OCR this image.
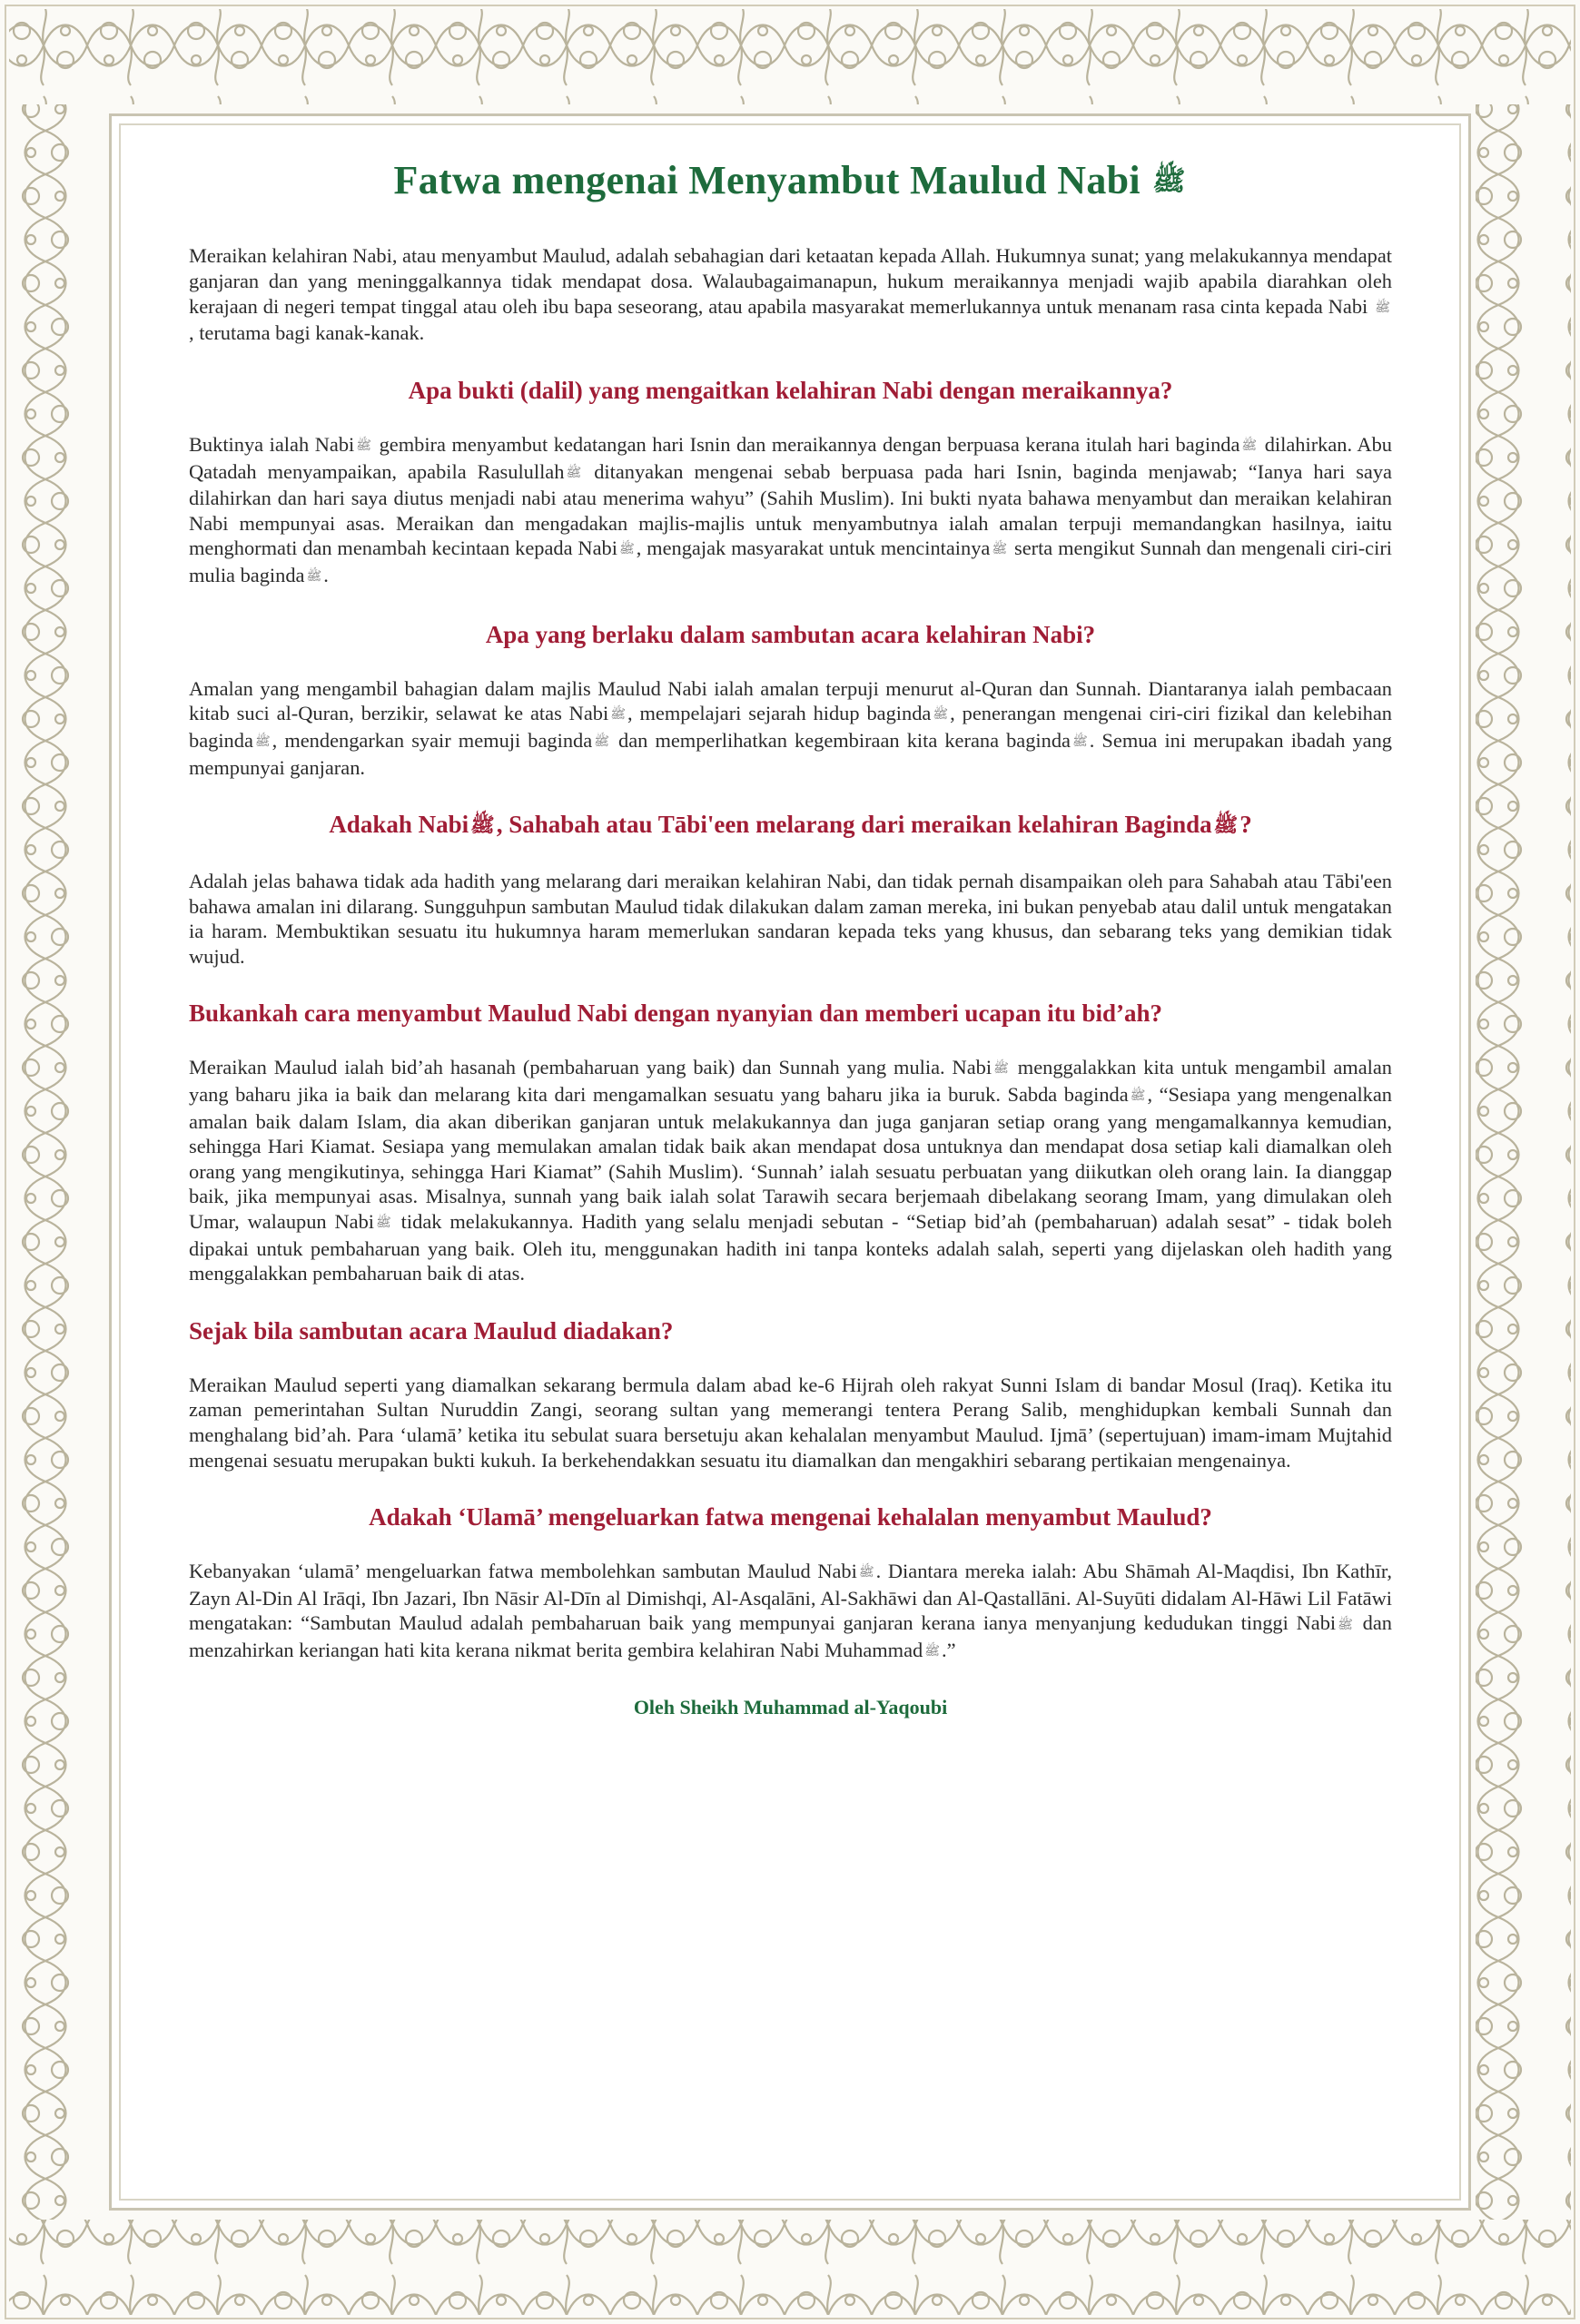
Fatwa mengenai Menyambut Maulud Nabi ﷺ

Meraikan kelahiran Nabi, atau menyambut Maulud, adalah sebahagian dari ketaatan kepada Allah. Hukumnya sunat; yang melakukannya mendapat ganjaran dan yang meninggalkannya tidak mendapat dosa. Walaubagaimanapun, hukum meraikannya menjadi wajib apabila diarahkan oleh kerajaan di negeri tempat tinggal atau oleh ibu bapa seseorang, atau apabila masyarakat memerlukannya untuk menanam rasa cinta kepada Nabi ﷺ , terutama bagi kanak-kanak.

Apa bukti (dalil) yang mengaitkan kelahiran Nabi dengan meraikannya?

Buktinya ialah Nabi ﷺ gembira menyambut kedatangan hari Isnin dan meraikannya dengan berpuasa kerana itulah hari baginda ﷺ dilahirkan. Abu Qatadah menyampaikan, apabila Rasulullah ﷺ ditanyakan mengenai sebab berpuasa pada hari Isnin, baginda menjawab; “Ianya hari saya dilahirkan dan hari saya diutus menjadi nabi atau menerima wahyu” (Sahih Muslim). Ini bukti nyata bahawa menyambut dan meraikan kelahiran Nabi mempunyai asas. Meraikan dan mengadakan majlis-majlis untuk menyambutnya ialah amalan terpuji memandangkan hasilnya, iaitu menghormati dan menambah kecintaan kepada Nabi ﷺ, mengajak masyarakat untuk mencintainya ﷺ serta mengikut Sunnah dan mengenali ciri-ciri mulia baginda ﷺ.

Apa yang berlaku dalam sambutan acara kelahiran Nabi?

Amalan yang mengambil bahagian dalam majlis Maulud Nabi ialah amalan terpuji menurut al-Quran dan Sunnah. Diantaranya ialah pembacaan kitab suci al-Quran, berzikir, selawat ke atas Nabi ﷺ, mempelajari sejarah hidup baginda ﷺ, penerangan mengenai ciri-ciri fizikal dan kelebihan baginda ﷺ, mendengarkan syair memuji baginda ﷺ dan memperlihatkan kegembiraan kita kerana baginda ﷺ. Semua ini merupakan ibadah yang mempunyai ganjaran.

Adakah Nabiﷺ, Sahabah atau Tābi'een melarang dari meraikan kelahiran Bagindaﷺ?

Adalah jelas bahawa tidak ada hadith yang melarang dari meraikan kelahiran Nabi, dan tidak pernah disampaikan oleh para Sahabah atau Tābi'een bahawa amalan ini dilarang. Sungguhpun sambutan Maulud tidak dilakukan dalam zaman mereka, ini bukan penyebab atau dalil untuk mengatakan ia haram. Membuktikan sesuatu itu hukumnya haram memerlukan sandaran kepada teks yang khusus, dan sebarang teks yang demikian tidak wujud.

Bukankah cara menyambut Maulud Nabi dengan nyanyian dan memberi ucapan itu bid’ah?

Meraikan Maulud ialah bid’ah hasanah (pembaharuan yang baik) dan Sunnah yang mulia. Nabi ﷺ menggalakkan kita untuk mengambil amalan yang baharu jika ia baik dan melarang kita dari mengamalkan sesuatu yang baharu jika ia buruk. Sabda baginda ﷺ, “Sesiapa yang mengenalkan amalan baik dalam Islam, dia akan diberikan ganjaran untuk melakukannya dan juga ganjaran setiap orang yang mengamalkannya kemudian, sehingga Hari Kiamat. Sesiapa yang memulakan amalan tidak baik akan mendapat dosa untuknya dan mendapat dosa setiap kali diamalkan oleh orang yang mengikutinya, sehingga Hari Kiamat” (Sahih Muslim). ‘Sunnah’ ialah sesuatu perbuatan yang diikutkan oleh orang lain. Ia dianggap baik, jika mempunyai asas. Misalnya, sunnah yang baik ialah solat Tarawih secara berjemaah dibelakang seorang Imam, yang dimulakan oleh Umar, walaupun Nabi ﷺ tidak melakukannya. Hadith yang selalu menjadi sebutan - “Setiap bid’ah (pembaharuan) adalah sesat” - tidak boleh dipakai untuk pembaharuan yang baik. Oleh itu, menggunakan hadith ini tanpa konteks adalah salah, seperti yang dijelaskan oleh hadith yang menggalakkan pembaharuan baik di atas.

Sejak bila sambutan acara Maulud diadakan?

Meraikan Maulud seperti yang diamalkan sekarang bermula dalam abad ke-6 Hijrah oleh rakyat Sunni Islam di bandar Mosul (Iraq). Ketika itu zaman pemerintahan Sultan Nuruddin Zangi, seorang sultan yang memerangi tentera Perang Salib, menghidupkan kembali Sunnah dan menghalang bid’ah. Para ‘ulamā’ ketika itu sebulat suara bersetuju akan kehalalan menyambut Maulud. Ijmā’ (sepertujuan) imam-imam Mujtahid mengenai sesuatu merupakan bukti kukuh. Ia berkehendakkan sesuatu itu diamalkan dan mengakhiri sebarang pertikaian mengenainya.

Adakah ‘Ulamā’ mengeluarkan fatwa mengenai kehalalan menyambut Maulud?

Kebanyakan ‘ulamā’ mengeluarkan fatwa membolehkan sambutan Maulud Nabi ﷺ. Diantara mereka ialah: Abu Shāmah Al-Maqdisi, Ibn Kathīr, Zayn Al-Din Al Irāqi, Ibn Jazari, Ibn Nāsir Al-Dīn al Dimishqi, Al-Asqalāni, Al-Sakhāwi dan Al-Qastallāni. Al-Suyūti didalam Al-Hāwi Lil Fatāwi mengatakan: “Sambutan Maulud adalah pembaharuan baik yang mempunyai ganjaran kerana ianya menyanjung kedudukan tinggi Nabi ﷺ dan menzahirkan keriangan hati kita kerana nikmat berita gembira kelahiran Nabi Muhammad ﷺ.”

Oleh Sheikh Muhammad al-Yaqoubi
